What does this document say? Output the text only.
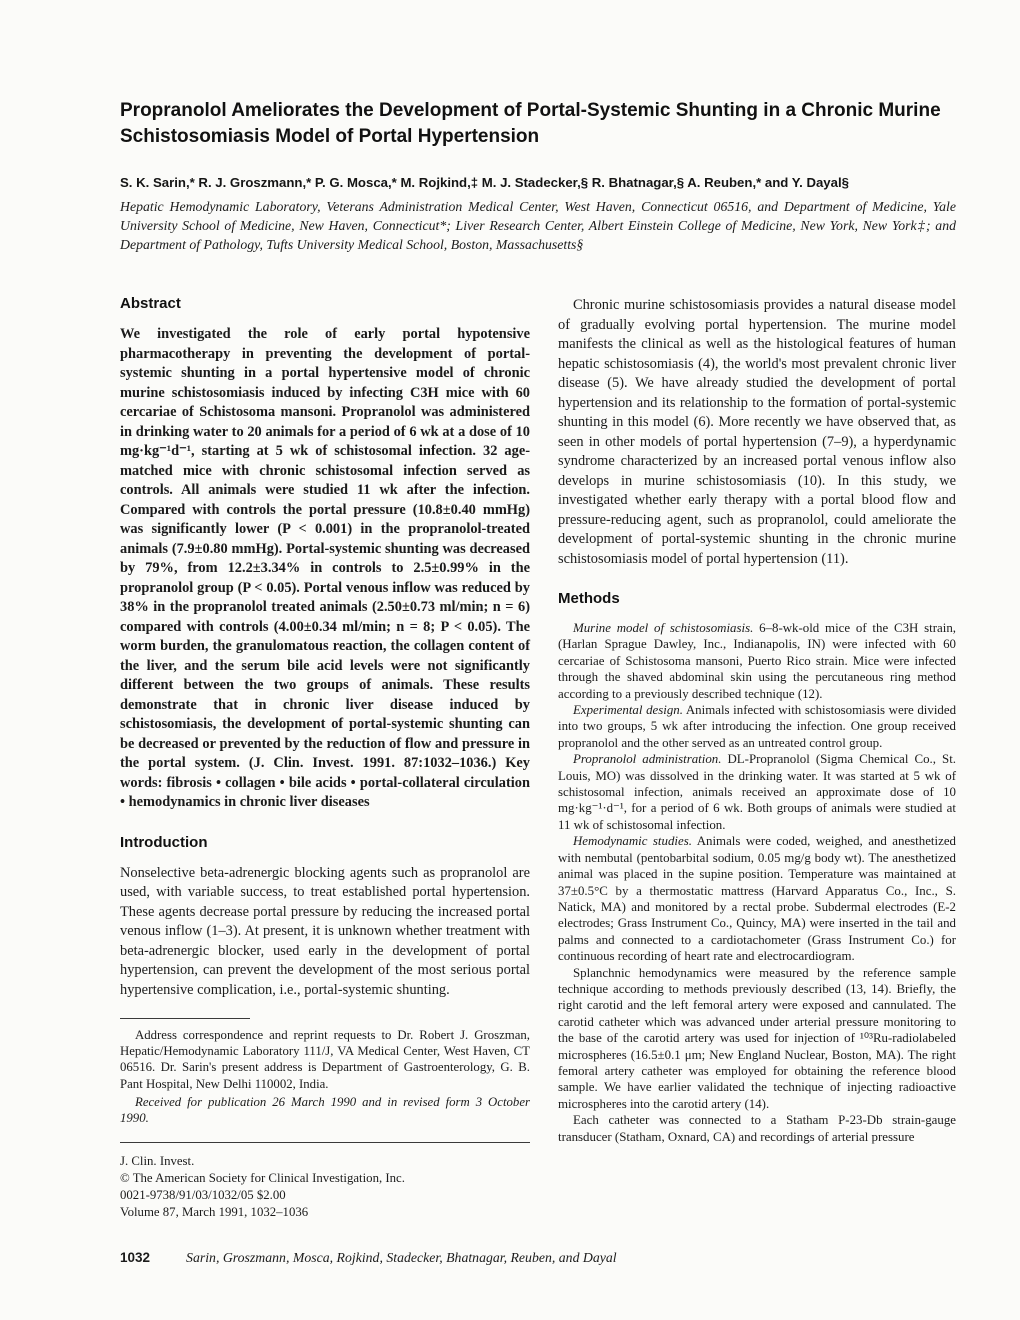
Propranolol Ameliorates the Development of Portal-Systemic Shunting in a Chronic Murine Schistosomiasis Model of Portal Hypertension
S. K. Sarin,* R. J. Groszmann,* P. G. Mosca,* M. Rojkind,‡ M. J. Stadecker,§ R. Bhatnagar,§ A. Reuben,* and Y. Dayal§
Hepatic Hemodynamic Laboratory, Veterans Administration Medical Center, West Haven, Connecticut 06516, and Department of Medicine, Yale University School of Medicine, New Haven, Connecticut*; Liver Research Center, Albert Einstein College of Medicine, New York, New York‡; and Department of Pathology, Tufts University Medical School, Boston, Massachusetts§
Abstract

We investigated the role of early portal hypotensive pharmacotherapy in preventing the development of portal-systemic shunting in a portal hypertensive model of chronic murine schistosomiasis induced by infecting C3H mice with 60 cercariae of Schistosoma mansoni. Propranolol was administered in drinking water to 20 animals for a period of 6 wk at a dose of 10 mg·kg⁻¹d⁻¹, starting at 5 wk of schistosomal infection. 32 age-matched mice with chronic schistosomal infection served as controls. All animals were studied 11 wk after the infection. Compared with controls the portal pressure (10.8±0.40 mmHg) was significantly lower (P < 0.001) in the propranolol-treated animals (7.9±0.80 mmHg). Portal-systemic shunting was decreased by 79%, from 12.2±3.34% in controls to 2.5±0.99% in the propranolol group (P < 0.05). Portal venous inflow was reduced by 38% in the propranolol treated animals (2.50±0.73 ml/min; n = 6) compared with controls (4.00±0.34 ml/min; n = 8; P < 0.05). The worm burden, the granulomatous reaction, the collagen content of the liver, and the serum bile acid levels were not significantly different between the two groups of animals. These results demonstrate that in chronic liver disease induced by schistosomiasis, the development of portal-systemic shunting can be decreased or prevented by the reduction of flow and pressure in the portal system. (J. Clin. Invest. 1991. 87:1032–1036.) Key words: fibrosis • collagen • bile acids • portal-collateral circulation • hemodynamics in chronic liver diseases

Introduction

Nonselective beta-adrenergic blocking agents such as propranolol are used, with variable success, to treat established portal hypertension. These agents decrease portal pressure by reducing the increased portal venous inflow (1–3). At present, it is unknown whether treatment with beta-adrenergic blocker, used early in the development of portal hypertension, can prevent the development of the most serious portal hypertensive complication, i.e., portal-systemic shunting.

Address correspondence and reprint requests to Dr. Robert J. Groszman, Hepatic/Hemodynamic Laboratory 111/J, VA Medical Center, West Haven, CT 06516. Dr. Sarin's present address is Department of Gastroenterology, G. B. Pant Hospital, New Delhi 110002, India.

Received for publication 26 March 1990 and in revised form 3 October 1990.

J. Clin. Invest.
© The American Society for Clinical Investigation, Inc.
0021-9738/91/03/1032/05 $2.00
Volume 87, March 1991, 1032–1036

Chronic murine schistosomiasis provides a natural disease model of gradually evolving portal hypertension. The murine model manifests the clinical as well as the histological features of human hepatic schistosomiasis (4), the world's most prevalent chronic liver disease (5). We have already studied the development of portal hypertension and its relationship to the formation of portal-systemic shunting in this model (6). More recently we have observed that, as seen in other models of portal hypertension (7–9), a hyperdynamic syndrome characterized by an increased portal venous inflow also develops in murine schistosomiasis (10). In this study, we investigated whether early therapy with a portal blood flow and pressure-reducing agent, such as propranolol, could ameliorate the development of portal-systemic shunting in the chronic murine schistosomiasis model of portal hypertension (11).

Methods

Murine model of schistosomiasis. 6–8-wk-old mice of the C3H strain, (Harlan Sprague Dawley, Inc., Indianapolis, IN) were infected with 60 cercariae of Schistosoma mansoni, Puerto Rico strain. Mice were infected through the shaved abdominal skin using the percutaneous ring method according to a previously described technique (12).

Experimental design. Animals infected with schistosomiasis were divided into two groups, 5 wk after introducing the infection. One group received propranolol and the other served as an untreated control group.

Propranolol administration. DL-Propranolol (Sigma Chemical Co., St. Louis, MO) was dissolved in the drinking water. It was started at 5 wk of schistosomal infection, animals received an approximate dose of 10 mg·kg⁻¹·d⁻¹, for a period of 6 wk. Both groups of animals were studied at 11 wk of schistosomal infection.

Hemodynamic studies. Animals were coded, weighed, and anesthetized with nembutal (pentobarbital sodium, 0.05 mg/g body wt). The anesthetized animal was placed in the supine position. Temperature was maintained at 37±0.5°C by a thermostatic mattress (Harvard Apparatus Co., Inc., S. Natick, MA) and monitored by a rectal probe. Subdermal electrodes (E-2 electrodes; Grass Instrument Co., Quincy, MA) were inserted in the tail and palms and connected to a cardiotachometer (Grass Instrument Co.) for continuous recording of heart rate and electrocardiogram.

Splanchnic hemodynamics were measured by the reference sample technique according to methods previously described (13, 14). Briefly, the right carotid and the left femoral artery were exposed and cannulated. The carotid catheter which was advanced under arterial pressure monitoring to the base of the carotid artery was used for injection of ¹⁰³Ru-radiolabeled microspheres (16.5±0.1 μm; New England Nuclear, Boston, MA). The right femoral artery catheter was employed for obtaining the reference blood sample. We have earlier validated the technique of injecting radioactive microspheres into the carotid artery (14).

Each catheter was connected to a Statham P-23-Db strain-gauge transducer (Statham, Oxnard, CA) and recordings of arterial pressure

1032	Sarin, Groszmann, Mosca, Rojkind, Stadecker, Bhatnagar, Reuben, and Dayal
